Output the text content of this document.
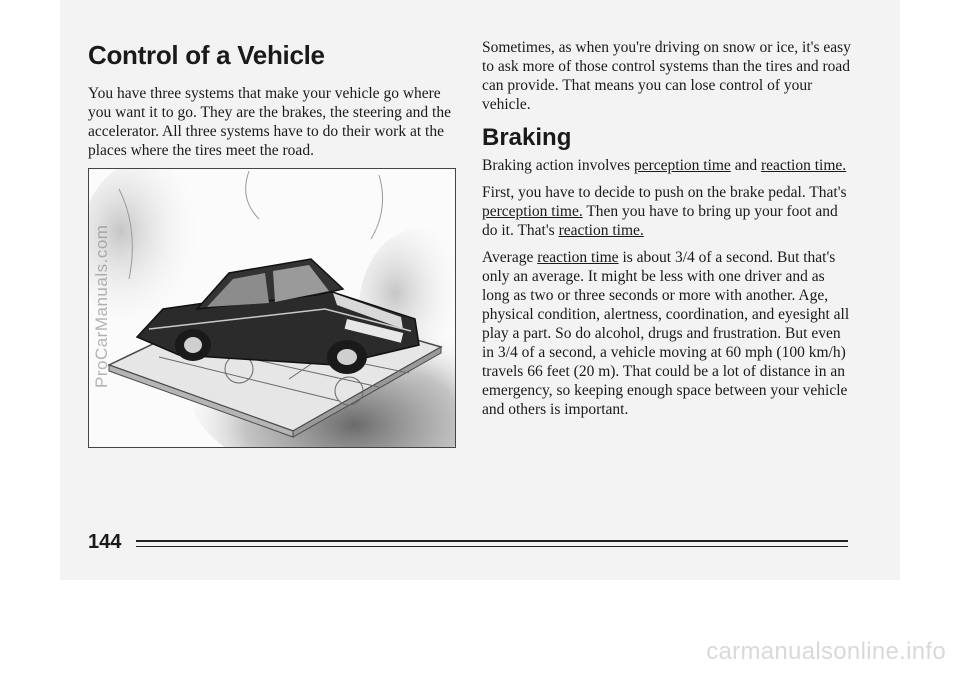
Control of a Vehicle

You have three systems that make your vehicle go where you want it to go. They are the brakes, the steering and the accelerator. All three systems have to do their work at the places where the tires meet the road.

ProCarManuals.com

Sometimes, as when you're driving on snow or ice, it's easy to ask more of those control systems than the tires and road can provide. That means you can lose control of your vehicle.

Braking

Braking action involves perception time and reaction time.

First, you have to decide to push on the brake pedal. That's perception time. Then you have to bring up your foot and do it. That's reaction time.

Average reaction time is about 3/4 of a second. But that's only an average. It might be less with one driver and as long as two or three seconds or more with another. Age, physical condition, alertness, coordination, and eyesight all play a part. So do alcohol, drugs and frustration. But even in 3/4 of a second, a vehicle moving at 60 mph (100 km/h) travels 66 feet (20 m). That could be a lot of distance in an emergency, so keeping enough space between your vehicle and others is important.

144
carmanualsonline.info
